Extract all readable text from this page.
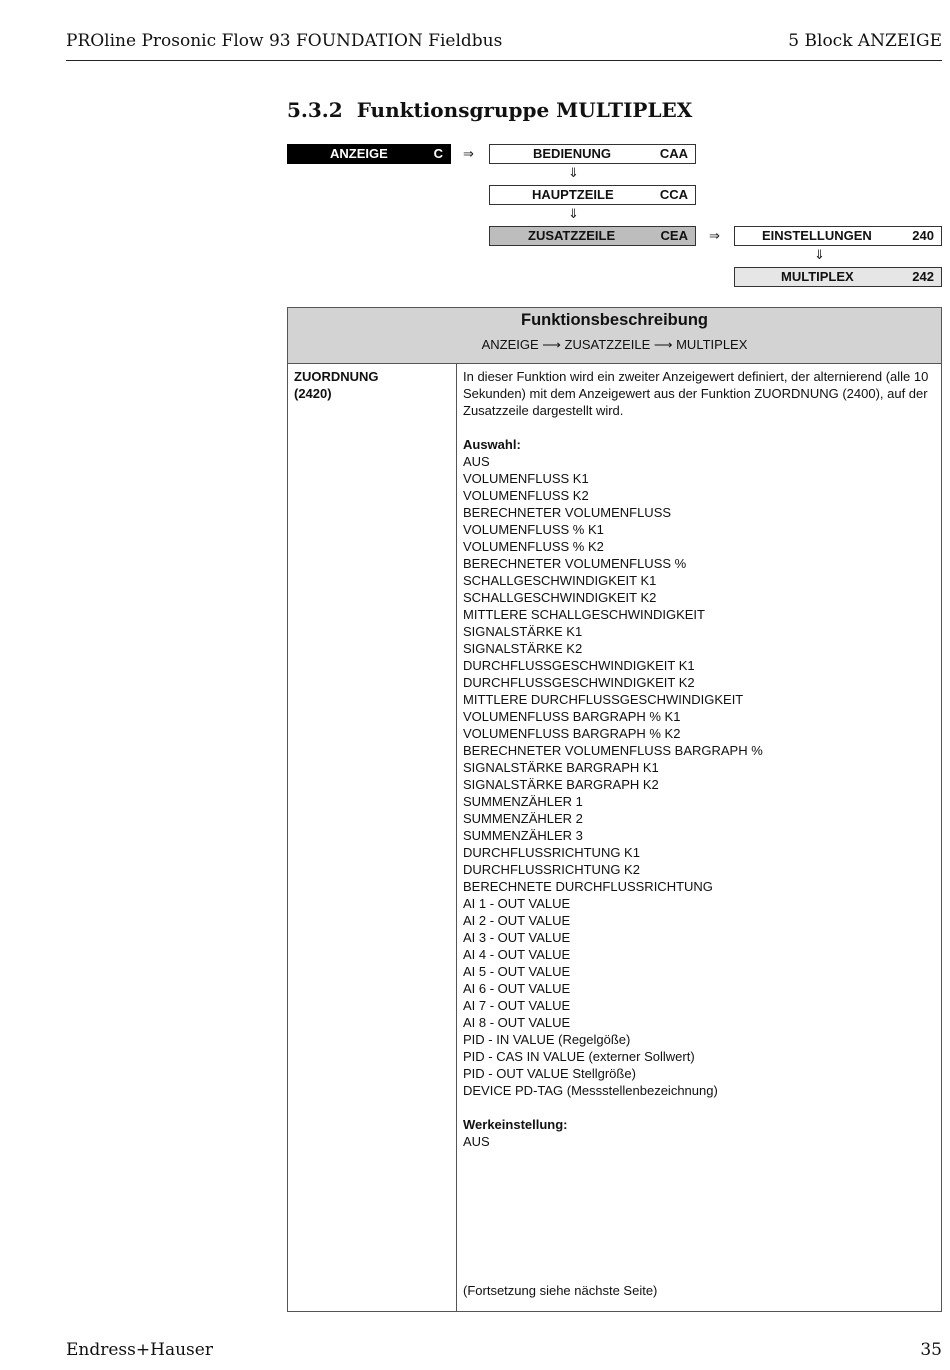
PROline Prosonic Flow 93 FOUNDATION Fieldbus	5 Block ANZEIGE
5.3.2 Funktionsgruppe MULTIPLEX
ANZEIGE	C ⇒	BEDIENUNG	CAA
⇓
HAUPTZEILE	CCA
⇓
ZUSATZZEILE	CEA ⇒	EINSTELLUNGEN	240
⇓
MULTIPLEX	242
Funktionsbeschreibung
ANZEIGE ⟶ ZUSATZZEILE ⟶ MULTIPLEX
ZUORDNUNG
(2420)

In dieser Funktion wird ein zweiter Anzeigewert definiert, der alternierend (alle 10 Sekunden) mit dem Anzeigewert aus der Funktion ZUORDNUNG (2400), auf der Zusatzzeile dargestellt wird.

Auswahl:

AUS
VOLUMENFLUSS K1
VOLUMENFLUSS K2
BERECHNETER VOLUMENFLUSS
VOLUMENFLUSS % K1
VOLUMENFLUSS % K2
BERECHNETER VOLUMENFLUSS %
SCHALLGESCHWINDIGKEIT K1
SCHALLGESCHWINDIGKEIT K2
MITTLERE SCHALLGESCHWINDIGKEIT
SIGNALSTÄRKE K1
SIGNALSTÄRKE K2
DURCHFLUSSGESCHWINDIGKEIT K1
DURCHFLUSSGESCHWINDIGKEIT K2
MITTLERE DURCHFLUSSGESCHWINDIGKEIT
VOLUMENFLUSS BARGRAPH % K1
VOLUMENFLUSS BARGRAPH % K2
BERECHNETER VOLUMENFLUSS BARGRAPH %
SIGNALSTÄRKE BARGRAPH K1
SIGNALSTÄRKE BARGRAPH K2
SUMMENZÄHLER 1
SUMMENZÄHLER 2
SUMMENZÄHLER 3
DURCHFLUSSRICHTUNG K1
DURCHFLUSSRICHTUNG K2
BERECHNETE DURCHFLUSSRICHTUNG
AI 1 - OUT VALUE
AI 2 - OUT VALUE
AI 3 - OUT VALUE
AI 4 - OUT VALUE
AI 5 - OUT VALUE
AI 6 - OUT VALUE
AI 7 - OUT VALUE
AI 8 - OUT VALUE
PID - IN VALUE (Regelgöße)
PID - CAS IN VALUE (externer Sollwert)
PID - OUT VALUE Stellgröße)
DEVICE PD-TAG (Messstellenbezeichnung)

Werkeinstellung:

AUS

(Fortsetzung siehe nächste Seite)
Endress+Hauser	35
